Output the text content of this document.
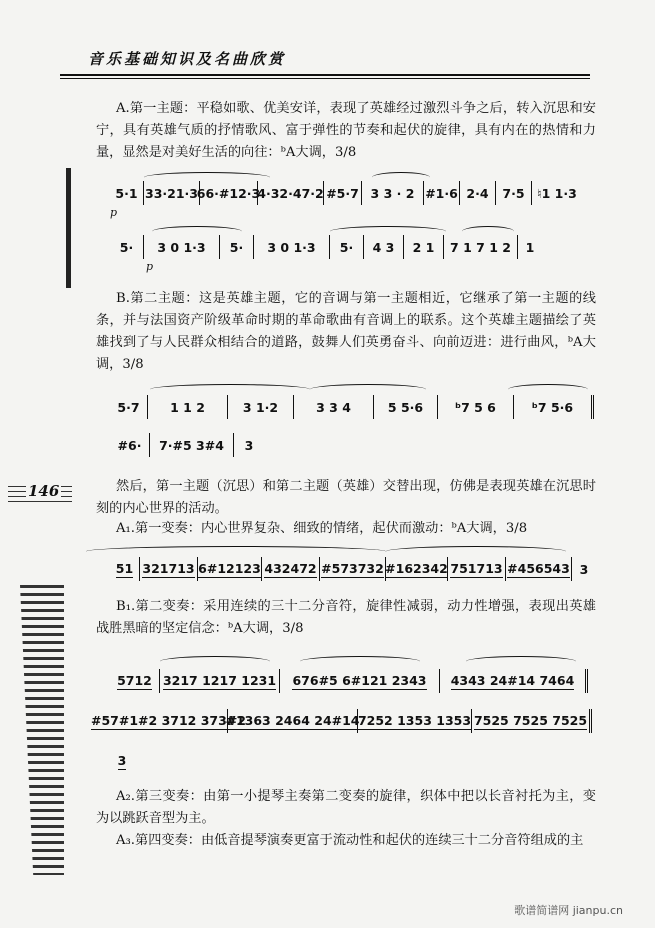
音乐基础知识及名曲欣赏
146
A.第一主题：平稳如歌、优美安详，表现了英雄经过激烈斗争之后，转入沉思和安宁，具有英雄气质的抒情歌风、富于弹性的节奏和起伏的旋律，具有内在的热情和力量，显然是对美好生活的向往：ᵇA大调，3/8
5·1 33·21·3
66·#12·3
4·32·47·2 #5·7 3 3 · 2 #1·6 2·4	7·5	♮1 1·3
p
5·	3 0 1·3	5·	3 0 1·3	5·	4 3	2 1	7 1 7 1 2	1
p
B.第二主题：这是英雄主题，它的音调与第一主题相近，它继承了第一主题的线条，并与法国资产阶级革命时期的革命歌曲有音调上的联系。这个英雄主题描绘了英雄找到了与人民群众相结合的道路，鼓舞人们英勇奋斗、向前迈进：进行曲风，ᵇA大调，3/8
5·7	1 1 2	3 1·2	3 3 4	5 5·6	ᵇ7 5 6	ᵇ7 5·6
#6·	7·#5 3#4	3
然后，第一主题（沉思）和第二主题（英雄）交替出现，仿佛是表现英雄在沉思时刻的内心世界的活动。
A₁.第一变奏：内心世界复杂、细致的情绪，起伏而激动：ᵇA大调，3/8
51 321713 6#12123 432472 #573732 #162342 751713 #456543 3
B₁.第二变奏：采用连续的三十二分音符，旋律性减弱，动力性增强，表现出英雄战胜黑暗的坚定信念：ᵇA大调，3/8
5712 3217 1217 1231 676#5 6#121 2343 4343 24#14 7464
#57#1#2 3712 373#2
#1363 2464 24#14
7252 1353 1353 7525 7525 7525
3
A₂.第三变奏：由第一小提琴主奏第二变奏的旋律，织体中把以长音衬托为主，变为以跳跃音型为主。
A₃.第四变奏：由低音提琴演奏更富于流动性和起伏的连续三十二分音符组成的主
歌谱简谱网 jianpu.cn
